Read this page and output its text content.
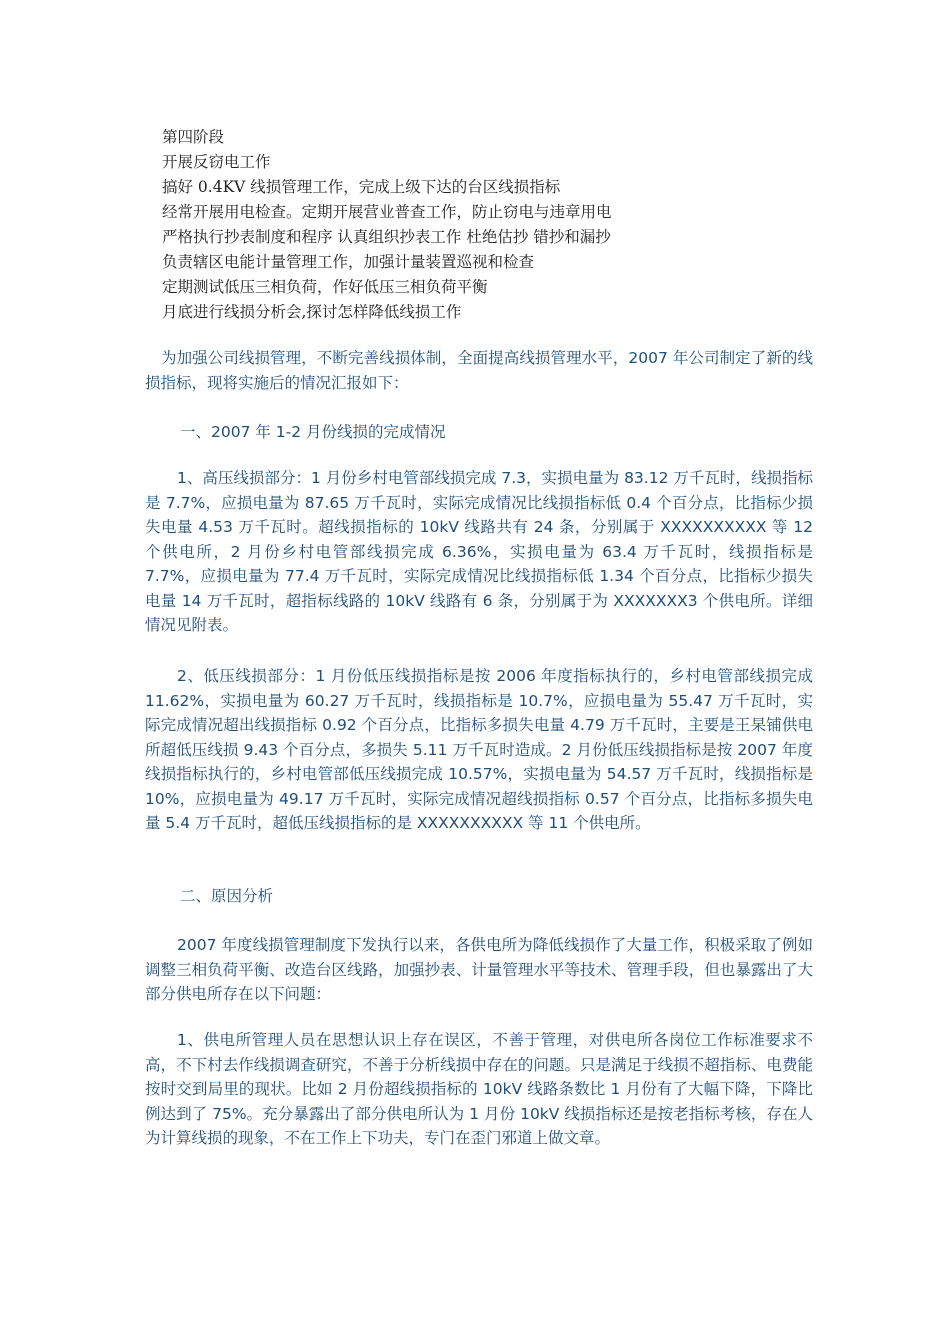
第四阶段
开展反窃电工作
搞好 0.4KV 线损管理工作，完成上级下达的台区线损指标
经常开展用电检查。定期开展营业普查工作，防止窃电与违章用电
严格执行抄表制度和程序 认真组织抄表工作 杜绝估抄 错抄和漏抄
负责辖区电能计量管理工作，加强计量装置巡视和检查
定期测试低压三相负荷，作好低压三相负荷平衡
月底进行线损分析会,探讨怎样降低线损工作

为加强公司线损管理，不断完善线损体制，全面提高线损管理水平，2007 年公司制定了新的线损指标，现将实施后的情况汇报如下：

一、2007 年 1-2 月份线损的完成情况

1、高压线损部分：1 月份乡村电管部线损完成 7.3，实损电量为 83.12 万千瓦时，线损指标是 7.7%，应损电量为 87.65 万千瓦时，实际完成情况比线损指标低 0.4 个百分点，比指标少损失电量 4.53 万千瓦时。超线损指标的 10kV 线路共有 24 条，分别属于 XXXXXXXXXX 等 12 个供电所，2 月份乡村电管部线损完成 6.36%，实损电量为 63.4 万千瓦时，线损指标是 7.7%，应损电量为 77.4 万千瓦时，实际完成情况比线损指标低 1.34 个百分点，比指标少损失电量 14 万千瓦时，超指标线路的 10kV 线路有 6 条，分别属于为 XXXXXXX3 个供电所。详细情况见附表。

2、低压线损部分：1 月份低压线损指标是按 2006 年度指标执行的，乡村电管部线损完成 11.62%，实损电量为 60.27 万千瓦时，线损指标是 10.7%，应损电量为 55.47 万千瓦时，实际完成情况超出线损指标 0.92 个百分点，比指标多损失电量 4.79 万千瓦时，主要是王杲铺供电所超低压线损 9.43 个百分点，多损失 5.11 万千瓦时造成。2 月份低压线损指标是按 2007 年度线损指标执行的，乡村电管部低压线损完成 10.57%，实损电量为 54.57 万千瓦时，线损指标是 10%，应损电量为 49.17 万千瓦时，实际完成情况超线损指标 0.57 个百分点，比指标多损失电量 5.4 万千瓦时，超低压线损指标的是 XXXXXXXXXX 等 11 个供电所。

二、原因分析

2007 年度线损管理制度下发执行以来，各供电所为降低线损作了大量工作，积极采取了例如调整三相负荷平衡、改造台区线路，加强抄表、计量管理水平等技术、管理手段，但也暴露出了大部分供电所存在以下问题：

1、供电所管理人员在思想认识上存在误区，不善于管理，对供电所各岗位工作标准要求不高，不下村去作线损调查研究，不善于分析线损中存在的问题。只是满足于线损不超指标、电费能按时交到局里的现状。比如 2 月份超线损指标的 10kV 线路条数比 1 月份有了大幅下降，下降比例达到了 75%。充分暴露出了部分供电所认为 1 月份 10kV 线损指标还是按老指标考核，存在人为计算线损的现象，不在工作上下功夫，专门在歪门邪道上做文章。
